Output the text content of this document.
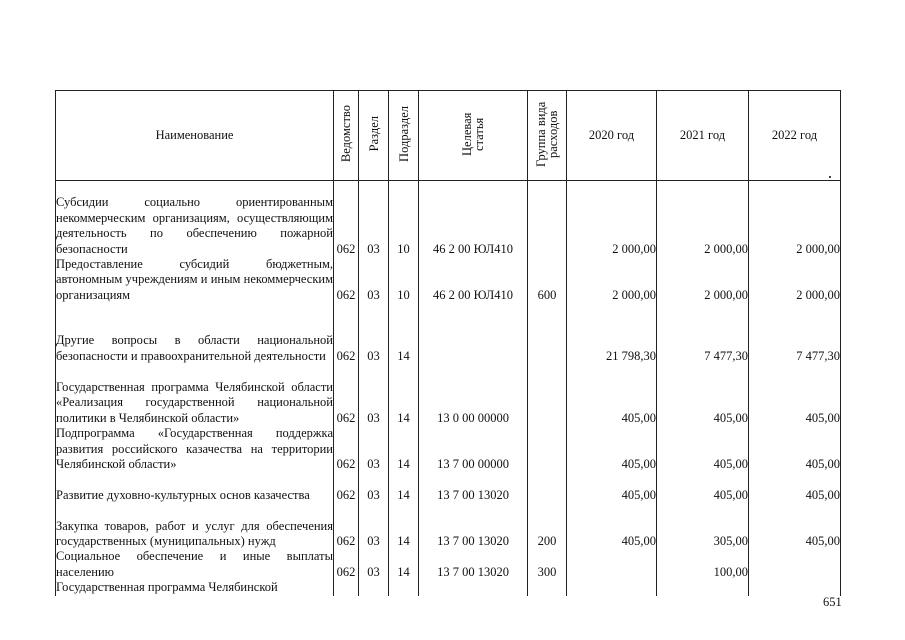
Наименование	Ведомство	Раздел	Подраздел	Целевая статья	Группа вида расходов	2020 год	2021 год	2022 год
Субсидии социально ориентированным некоммерческим организациям, осуществляющим деятельность по обеспечению пожарной безопасности	062	03	10	46 2 00 ЮЛ410		2 000,00	2 000,00	2 000,00
Предоставление субсидий бюджетным, автономным учреждениям и иным некоммерческим организациям	062	03	10	46 2 00 ЮЛ410	600	2 000,00	2 000,00	2 000,00
Другие вопросы в области национальной безопасности и правоохранительной деятельности	062	03	14			21 798,30	7 477,30	7 477,30
Государственная программа Челябинской области «Реализация государственной национальной политики в Челябинской области»	062	03	14	13 0 00 00000		405,00	405,00	405,00
Подпрограмма «Государственная поддержка развития российского казачества на территории Челябинской области»	062	03	14	13 7 00 00000		405,00	405,00	405,00
Развитие духовно-культурных основ казачества	062	03	14	13 7 00 13020		405,00	405,00	405,00
Закупка товаров, работ и услуг для обеспечения государственных (муниципальных) нужд	062	03	14	13 7 00 13020	200	405,00	305,00	405,00
Социальное обеспечение и иные выплаты населению	062	03	14	13 7 00 13020	300		100,00	
Государственная программа Челябинской								
651
